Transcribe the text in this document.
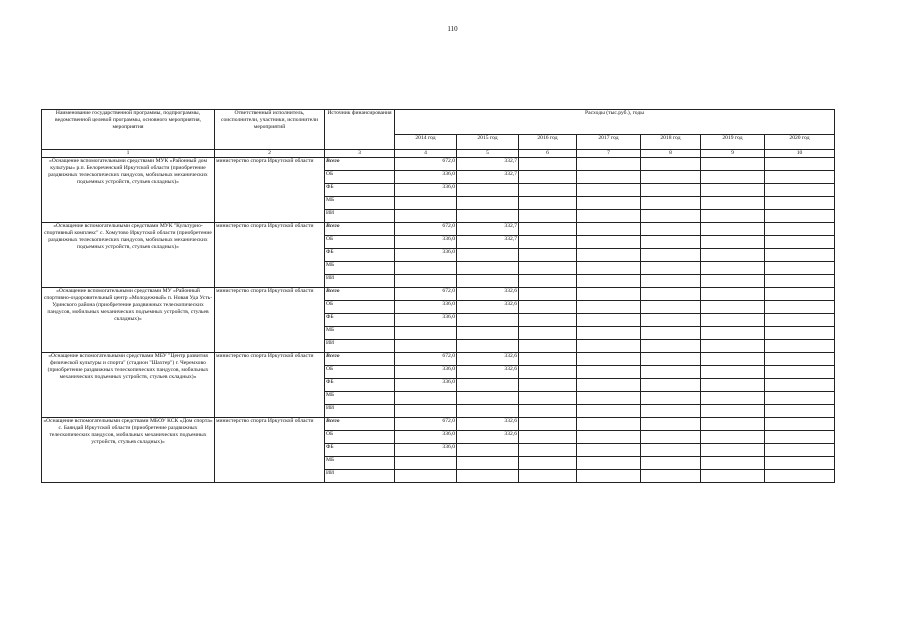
110
Наименование государственной программы, подпрограммы, ведомственной целевой программы, основного мероприятия, мероприятия	Ответственный исполнитель, соисполнители, участники, исполнители мероприятий	Источник финансирования	Расходы (тыс.руб.), годы						
			2014 год	2015 год	2016 год	2017 год	2018 год	2019 год	2020 год
1	2	3	4	5	6	7	8	9	10
«Оснащение вспомогательными средствами МУК «Районный дом культуры» р.п. Белореченский Иркутской области (приобретение раздвижных телескопических пандусов, мобильных механических подъемных устройств, стульев складных)»	министерство спорта Иркутской области	Всего	672,0	332,7					
		ОБ	336,0	332,7					
		ФБ	336,0						
		МБ							
		ИИ							
«Оснащение вспомогательными средствами МУК "Культурно-спортивный комплекс" с. Хомутово Иркутской области (приобретение раздвижных телескопических пандусов, мобильных механических подъемных устройств, стульев складных)»	министерство спорта Иркутской области	Всего	672,0	332,7					
		ОБ	336,0	332,7					
		ФБ	336,0						
		МБ							
		ИИ							
«Оснащение вспомогательными средствами МУ «Районный спортивно-оздоровительный центр «Молодежный» п. Новая Уда Усть-Удинского района (приобретение раздвижных телескопических пандусов, мобильных механических подъемных устройств, стульев складных)»	министерство спорта Иркутской области	Всего	672,0	332,6					
		ОБ	336,0	332,6					
		ФБ	336,0						
		МБ							
		ИИ							
«Оснащение вспомогательными средствами МБУ "Центр развития физической культуры и спорта" (стадион "Шахтер") г. Черемхово (приобретение раздвижных телескопических пандусов, мобильных механических подъемных устройств, стульев складных)»	министерство спорта Иркутской области	Всего	672,0	332,6					
		ОБ	336,0	332,6					
		ФБ	336,0						
		МБ							
		ИИ							
«Оснащение вспомогательными средствами МБОУ КСК «Дом спорта» с. Баяндай Иркутской области (приобретение раздвижных телескопических пандусов, мобильных механических подъемных устройств, стульев складных)»	министерство спорта Иркутской области	Всего	672,0	332,6					
		ОБ	336,0	332,6					
		ФБ	336,0						
		МБ							
		ИИ							
